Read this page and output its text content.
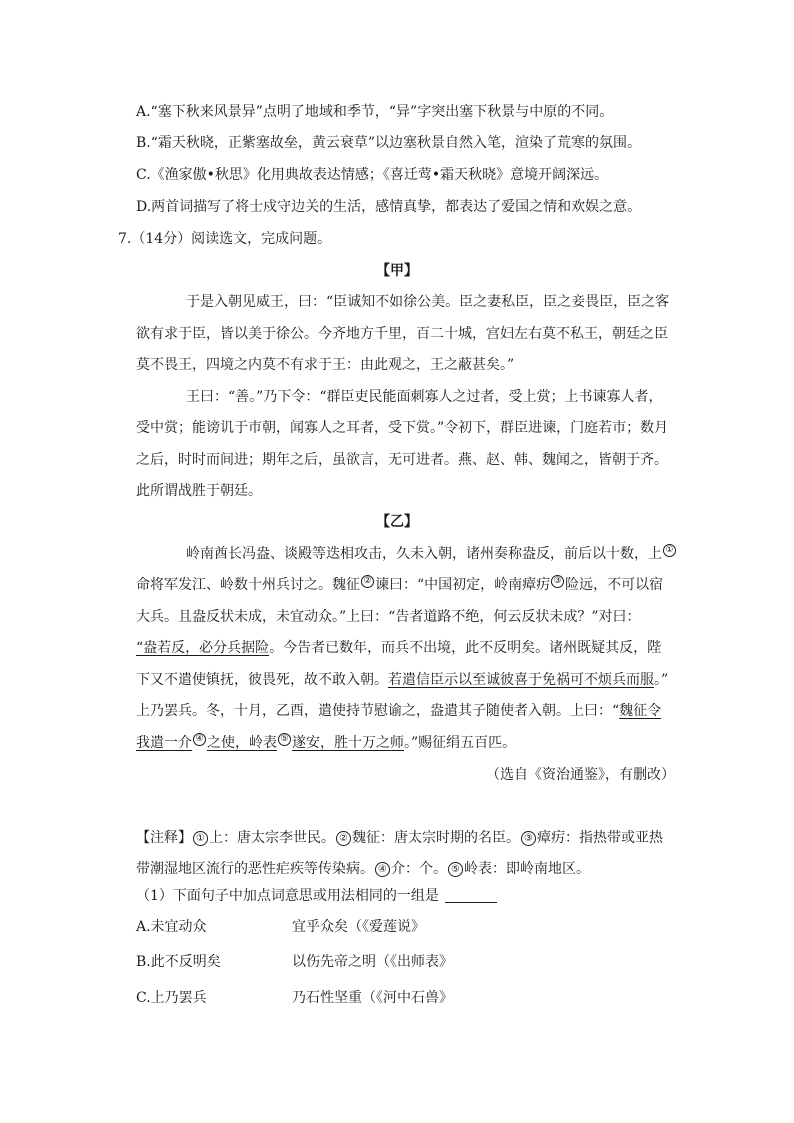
A.“塞下秋来风景异”点明了地域和季节，“异”字突出塞下秋景与中原的不同。
B.“霜天秋晓，正紫塞故垒，黄云衰草”以边塞秋景自然入笔，渲染了荒寒的氛围。
C.《渔家傲•秋思》化用典故表达情感；《喜迁莺•霜天秋晓》意境开阔深远。
D.两首词描写了将士戍守边关的生活，感情真挚，都表达了爱国之情和欢娱之意。
7.（14分）阅读选文，完成问题。
【甲】
于是入朝见威王，曰：“臣诚知不如徐公美。臣之妻私臣，臣之妾畏臣，臣之客
欲有求于臣，皆以美于徐公。今齐地方千里，百二十城，宫妇左右莫不私王，朝廷之臣
莫不畏王，四境之内莫不有求于王：由此观之，王之蔽甚矣。”
王曰：“善。”乃下令：“群臣吏民能面刺寡人之过者，受上赏；上书谏寡人者，
受中赏；能谤讥于市朝，闻寡人之耳者，受下赏。”令初下，群臣进谏，门庭若市；数月
之后，时时而间进；期年之后，虽欲言，无可进者。燕、赵、韩、魏闻之，皆朝于齐。
此所谓战胜于朝廷。
【乙】
岭南酋长冯盎、谈殿等迭相攻击，久未入朝，诸州奏称盎反，前后以十数，上 ①
命将军发江、岭数十州兵讨之。魏征 ② 谏曰：“中国初定，岭南瘴疠 ③ 险远，不可以宿
大兵。且盎反状未成，未宜动众。”上曰：“告者道路不绝，何云反状未成？”对曰：
“盎若反，必分兵据险。今告者已数年，而兵不出境，此不反明矣。诸州既疑其反，陛
下又不遣使镇抚，彼畏死，故不敢入朝。若遣信臣示以至诚彼喜于免祸可不烦兵而服。”
上乃罢兵。冬，十月，乙酉，遣使持节慰谕之，盎遣其子随使者入朝。上曰：“魏征令
我遣一介 ④ 之使，岭表 ⑤ 遂安，胜十万之师。”赐征绢五百匹。
（选自《资治通鉴》，有删改）
【注释】 ① 上：唐太宗李世民。 ② 魏征：唐太宗时期的名臣。 ③ 瘴疠：指热带或亚热
带潮湿地区流行的恶性疟疾等传染病。 ④ 介：个。 ⑤ 岭表：即岭南地区。
（1）下面句子中加点词意思或用法相同的一组是
A.未宜动众	宜乎众矣（《爱莲说》
B.此不反明矣	以伤先帝之明（《出师表》
C.上乃罢兵	乃石性坚重（《河中石兽》
